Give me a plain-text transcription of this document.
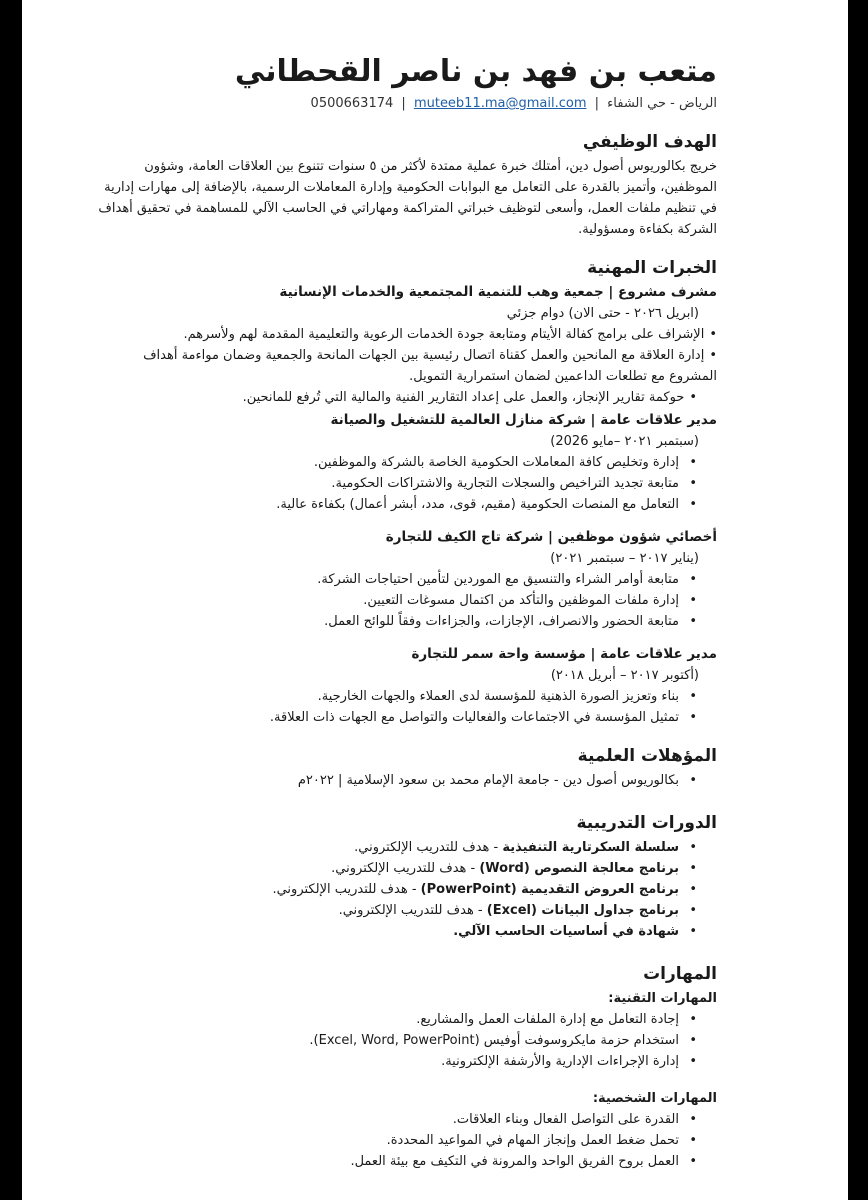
متعب بن فهد بن ناصر القحطاني
الرياض - حي الشفاء | 0500663174 | muteeb11.ma@gmail.com
الهدف الوظيفي

خريج بكالوريوس أصول دين، أمتلك خبرة عملية ممتدة لأكثر من ٥ سنوات تتنوع بين العلاقات العامة، وشؤون الموظفين، وأتميز بالقدرة على التعامل مع البوابات الحكومية وإدارة المعاملات الرسمية، بالإضافة إلى مهارات إدارية في تنظيم ملفات العمل، وأسعى لتوظيف خبراتي المتراكمة ومهاراتي في الحاسب الآلي للمساهمة في تحقيق أهداف الشركة بكفاءة ومسؤولية.

الخبرات المهنية
مشرف مشروع | جمعية وهب للتنمية المجتمعية والخدمات الإنسانية
(ابريل ٢٠٢٦ - حتى الان) دوام جزئي
• الإشراف على برامج كفالة الأيتام ومتابعة جودة الخدمات الرعوية والتعليمية المقدمة لهم ولأسرهم.
• إدارة العلاقة مع المانحين والعمل كقناة اتصال رئيسية بين الجهات المانحة والجمعية وضمان مواءمة أهداف المشروع مع تطلعات الداعمين لضمان استمرارية التمويل.
• حوكمة تقارير الإنجاز، والعمل على إعداد التقارير الفنية والمالية التي تُرفع للمانحين.
مدير علاقات عامة | شركة منازل العالمية للتشغيل والصيانة
(سبتمبر ٢٠٢١ –مايو 2026)
• إدارة وتخليص كافة المعاملات الحكومية الخاصة بالشركة والموظفين.
• متابعة تجديد التراخيص والسجلات التجارية والاشتراكات الحكومية.
• التعامل مع المنصات الحكومية (مقيم، قوى، مدد، أبشر أعمال) بكفاءة عالية.
أخصائي شؤون موظفين | شركة تاج الكيف للتجارة
(يناير ٢٠١٧ – سبتمبر ٢٠٢١)
• متابعة أوامر الشراء والتنسيق مع الموردين لتأمين احتياجات الشركة.
• إدارة ملفات الموظفين والتأكد من اكتمال مسوغات التعيين.
• متابعة الحضور والانصراف، الإجازات، والجزاءات وفقاً للوائح العمل.
مدير علاقات عامة | مؤسسة واحة سمر للتجارة
(أكتوبر ٢٠١٧ – أبريل ٢٠١٨)
• بناء وتعزيز الصورة الذهنية للمؤسسة لدى العملاء والجهات الخارجية.
• تمثيل المؤسسة في الاجتماعات والفعاليات والتواصل مع الجهات ذات العلاقة.
المؤهلات العلمية
• بكالوريوس أصول دين - جامعة الإمام محمد بن سعود الإسلامية | ٢٠٢٢م
الدورات التدريبية
• سلسلة السكرتارية التنفيذية - هدف للتدريب الإلكتروني.
• برنامج معالجة النصوص (Word) - هدف للتدريب الإلكتروني.
• برنامج العروض التقديمية (PowerPoint) - هدف للتدريب الإلكتروني.
• برنامج جداول البيانات (Excel) - هدف للتدريب الإلكتروني.
• شهادة في أساسيات الحاسب الآلي.
المهارات
المهارات التقنية:
• إجادة التعامل مع إدارة الملفات العمل والمشاريع.
• استخدام حزمة مايكروسوفت أوفيس (Excel, Word, PowerPoint).
• إدارة الإجراءات الإدارية والأرشفة الإلكترونية.
المهارات الشخصية:
• القدرة على التواصل الفعال وبناء العلاقات.
• تحمل ضغط العمل وإنجاز المهام في المواعيد المحددة.
• العمل بروح الفريق الواحد والمرونة في التكيف مع بيئة العمل.
